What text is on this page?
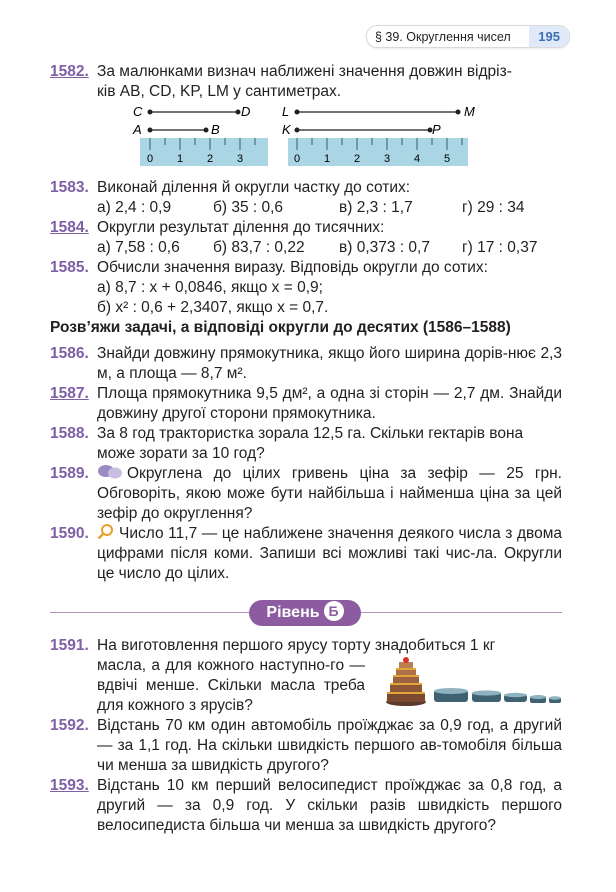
§ 39. Округлення чисел	195
1582. За малюнками визнач наближені значення довжин відріз-
ків AB, CD, KP, LM у сантиметрах.
C	D
A	B
0 1 2 3
L	M
K	P
0 1 2 3 4 5
1583. Виконай ділення й округли частку до сотих:
а) 2,4 : 0,9	б) 35 : 0,6	в) 2,3 : 1,7	г) 29 : 34
1584. Округли результат ділення до тисячних:
а) 7,58 : 0,6	б) 83,7 : 0,22	в) 0,373 : 0,7	г) 17 : 0,37
1585. Обчисли значення виразу. Відповідь округли до сотих:
а) 8,7 : x + 0,0846, якщо x = 0,9;
б) x² : 0,6 + 2,3407, якщо x = 0,7.
Розв’яжи задачі, а відповіді округли до десятих (1586–1588)
1586. Знайди довжину прямокутника, якщо його ширина дорів-нює 2,3 м, а площа — 8,7 м².
1587. Площа прямокутника 9,5 дм², а одна зі сторін — 2,7 дм. Знайди довжину другої сторони прямокутника.
1588. За 8 год трактористка зорала 12,5 га. Скільки гектарів вона може зорати за 10 год?
1589.	Округлена до цілих гривень ціна за зефір — 25 грн. Обговоріть, якою може бути найбільша і найменша ціна за цей зефір до округлення?
1590.	Число 11,7 — це наближене значення деякого числа з двома цифрами після коми. Запиши всі можливі такі чис-ла. Округли це число до цілих.
Рівень Б
1591. На виготовлення першого ярусу торту знадобиться 1 кг
масла, а для кожного наступно-го — вдвічі менше. Скільки масла треба для кожного з ярусів?
1592. Відстань 70 км один автомобіль проїжджає за 0,9 год, а другий — за 1,1 год. На скільки швидкість першого ав-томобіля більша чи менша за швидкість другого?
1593. Відстань 10 км перший велосипедист проїжджає за 0,8 год, а другий — за 0,9 год. У скільки разів швидкість першого велосипедиста більша чи менша за швидкість другого?
